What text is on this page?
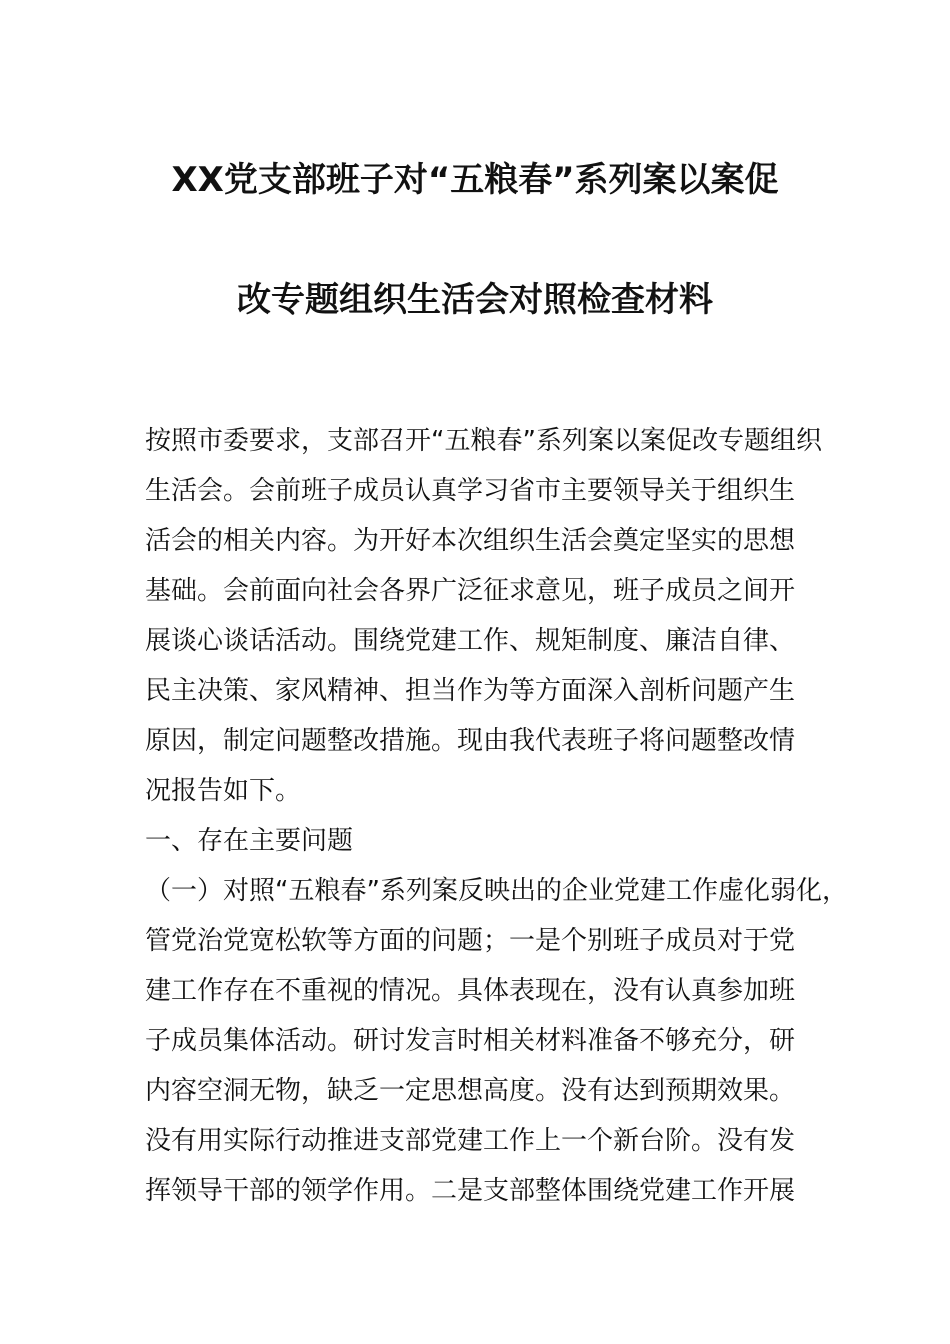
XX党支部班子对“五粮春”系列案以案促
改专题组织生活会对照检查材料
按照市委要求，支部召开“五粮春”系列案以案促改专题组织
生活会。会前班子成员认真学习省市主要领导关于组织生
活会的相关内容。为开好本次组织生活会奠定坚实的思想
基础。会前面向社会各界广泛征求意见，班子成员之间开
展谈心谈话活动。围绕党建工作、规矩制度、廉洁自律、
民主决策、家风精神、担当作为等方面深入剖析问题产生
原因，制定问题整改措施。现由我代表班子将问题整改情
况报告如下。
一、存在主要问题
（一）对照“五粮春”系列案反映出的企业党建工作虚化弱化，
管党治党宽松软等方面的问题；一是个别班子成员对于党
建工作存在不重视的情况。具体表现在，没有认真参加班
子成员集体活动。研讨发言时相关材料准备不够充分，研
内容空洞无物，缺乏一定思想高度。没有达到预期效果。
没有用实际行动推进支部党建工作上一个新台阶。没有发
挥领导干部的领学作用。二是支部整体围绕党建工作开展
